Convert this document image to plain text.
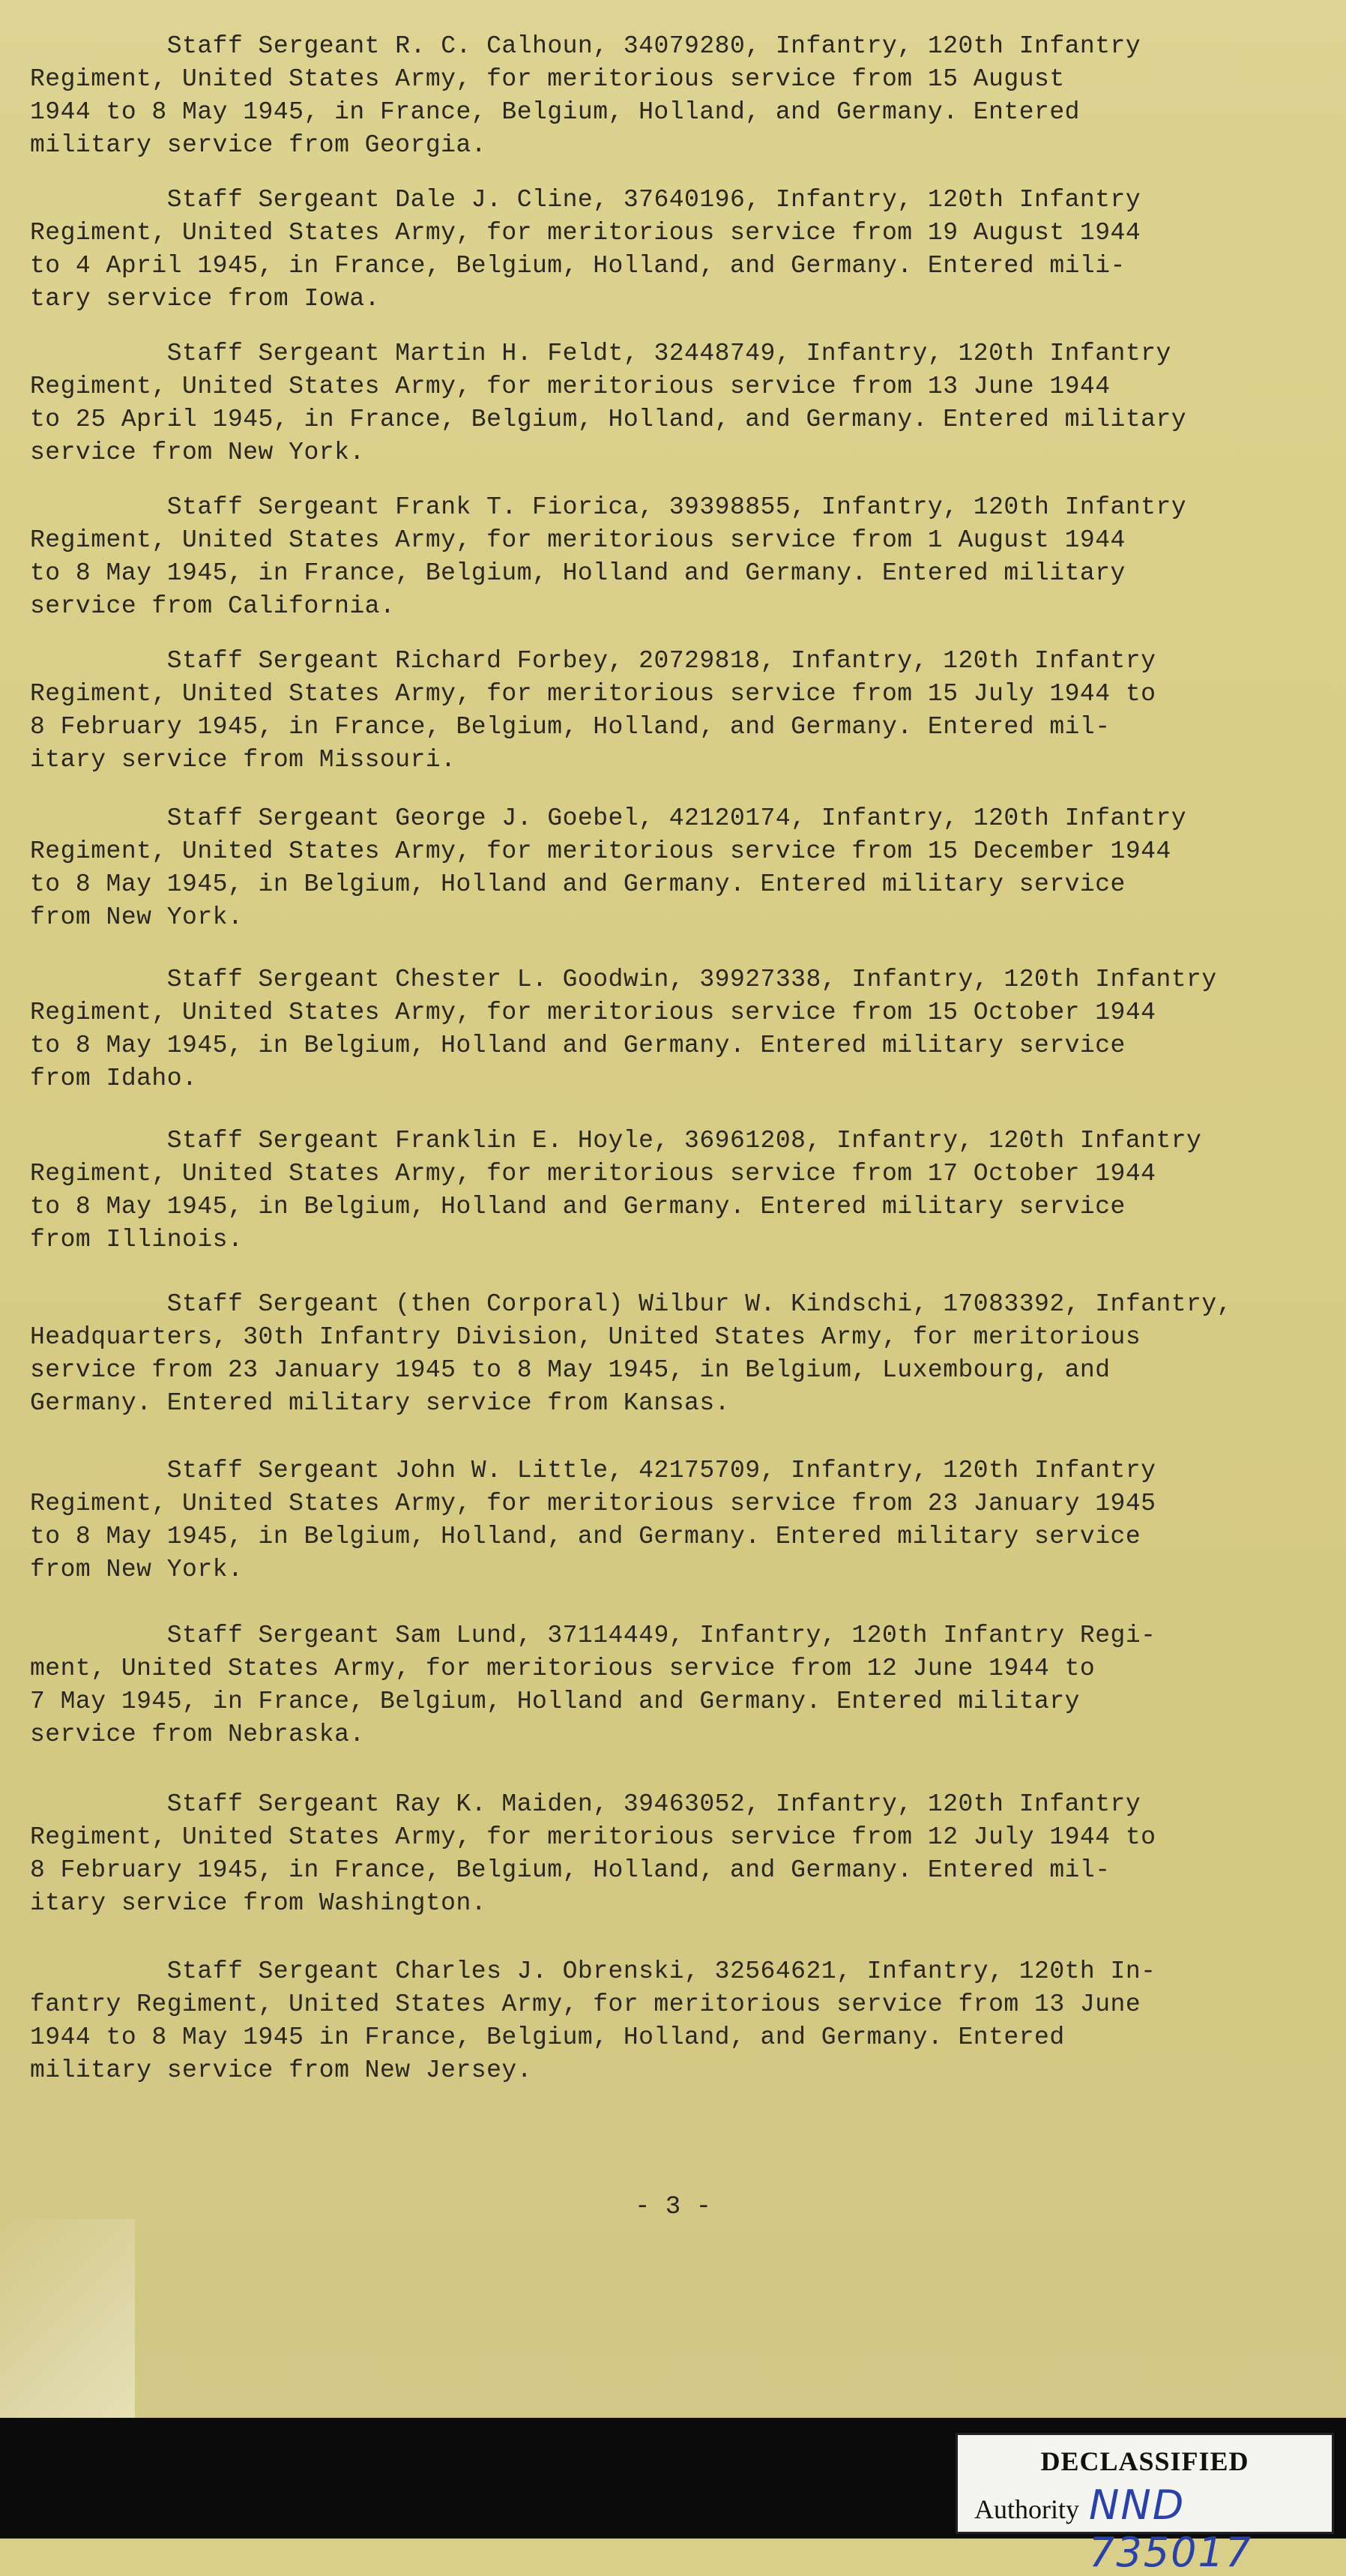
Staff Sergeant R. C. Calhoun, 34079280, Infantry, 120th Infantry
Regiment, United States Army, for meritorious service from 15 August
1944 to 8 May 1945, in France, Belgium, Holland, and Germany. Entered
military service from Georgia.

Staff Sergeant Dale J. Cline, 37640196, Infantry, 120th Infantry
Regiment, United States Army, for meritorious service from 19 August 1944
to 4 April 1945, in France, Belgium, Holland, and Germany. Entered mili-
tary service from Iowa.

Staff Sergeant Martin H. Feldt, 32448749, Infantry, 120th Infantry
Regiment, United States Army, for meritorious service from 13 June 1944
to 25 April 1945, in France, Belgium, Holland, and Germany. Entered military
service from New York.

Staff Sergeant Frank T. Fiorica, 39398855, Infantry, 120th Infantry
Regiment, United States Army, for meritorious service from 1 August 1944
to 8 May 1945, in France, Belgium, Holland and Germany. Entered military
service from California.

Staff Sergeant Richard Forbey, 20729818, Infantry, 120th Infantry
Regiment, United States Army, for meritorious service from 15 July 1944 to
8 February 1945, in France, Belgium, Holland, and Germany. Entered mil-
itary service from Missouri.

Staff Sergeant George J. Goebel, 42120174, Infantry, 120th Infantry
Regiment, United States Army, for meritorious service from 15 December 1944
to 8 May 1945, in Belgium, Holland and Germany. Entered military service
from New York.

Staff Sergeant Chester L. Goodwin, 39927338, Infantry, 120th Infantry
Regiment, United States Army, for meritorious service from 15 October 1944
to 8 May 1945, in Belgium, Holland and Germany. Entered military service
from Idaho.

Staff Sergeant Franklin E. Hoyle, 36961208, Infantry, 120th Infantry
Regiment, United States Army, for meritorious service from 17 October 1944
to 8 May 1945, in Belgium, Holland and Germany. Entered military service
from Illinois.

Staff Sergeant (then Corporal) Wilbur W. Kindschi, 17083392, Infantry,
Headquarters, 30th Infantry Division, United States Army, for meritorious
service from 23 January 1945 to 8 May 1945, in Belgium, Luxembourg, and
Germany. Entered military service from Kansas.

Staff Sergeant John W. Little, 42175709, Infantry, 120th Infantry
Regiment, United States Army, for meritorious service from 23 January 1945
to 8 May 1945, in Belgium, Holland, and Germany. Entered military service
from New York.

Staff Sergeant Sam Lund, 37114449, Infantry, 120th Infantry Regi-
ment, United States Army, for meritorious service from 12 June 1944 to
7 May 1945, in France, Belgium, Holland and Germany. Entered military
service from Nebraska.

Staff Sergeant Ray K. Maiden, 39463052, Infantry, 120th Infantry
Regiment, United States Army, for meritorious service from 12 July 1944 to
8 February 1945, in France, Belgium, Holland, and Germany. Entered mil-
itary service from Washington.

Staff Sergeant Charles J. Obrenski, 32564621, Infantry, 120th In-
fantry Regiment, United States Army, for meritorious service from 13 June
1944 to 8 May 1945 in France, Belgium, Holland, and Germany. Entered
military service from New Jersey.

- 3 -
DECLASSIFIED
Authority NND 735017
